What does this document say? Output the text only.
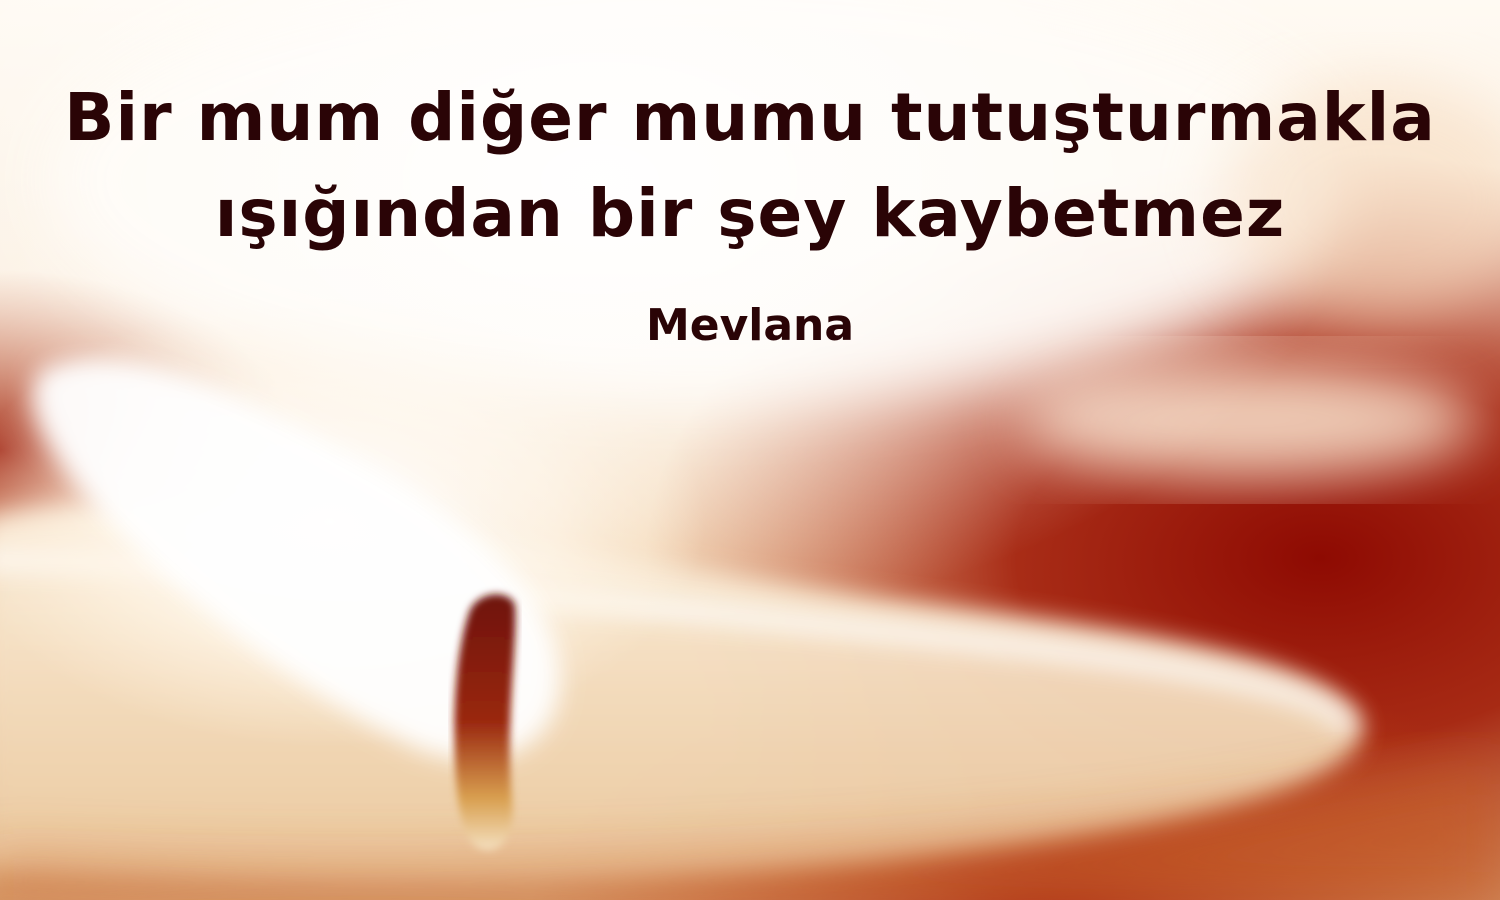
Bir mum diğer mumu tutuşturmakla
ışığından bir şey kaybetmez
Mevlana
